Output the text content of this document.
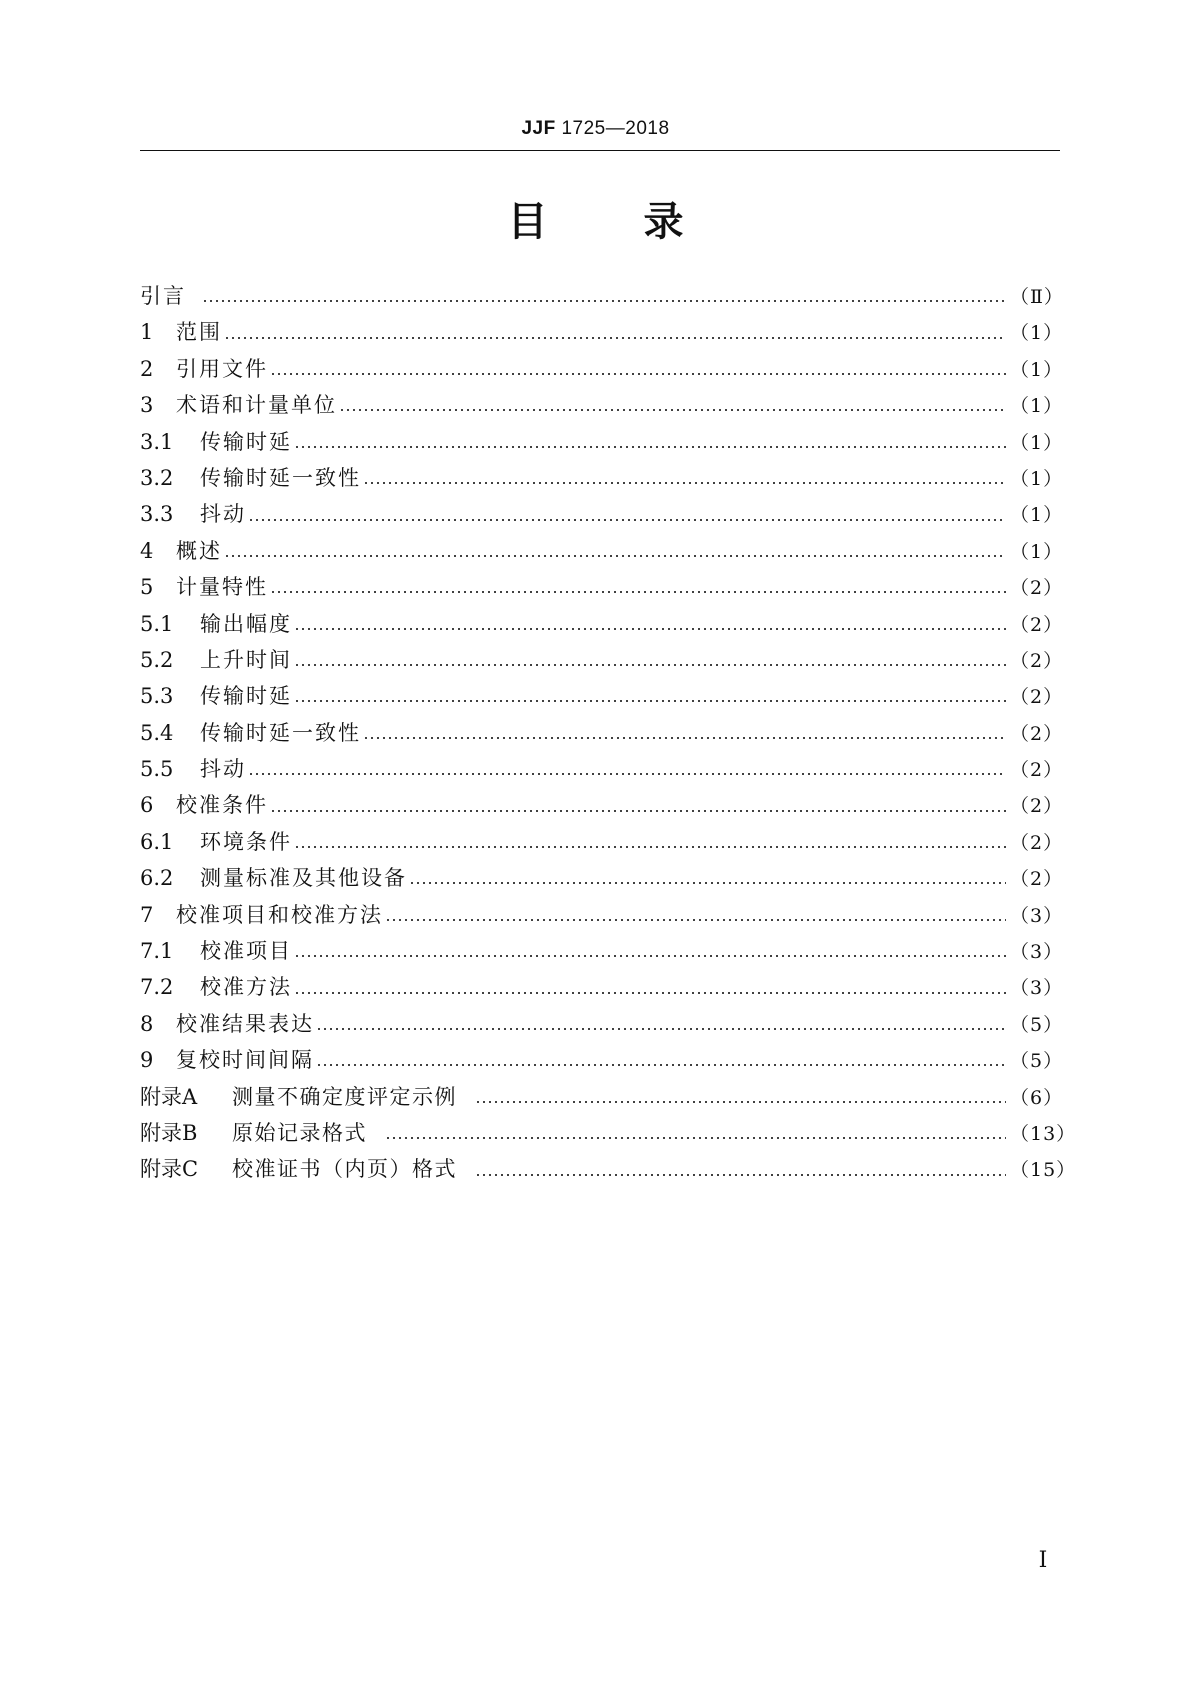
JJF 1725—2018
目 录
引言	（Ⅱ）
1	范围	（1）
2	引用文件	（1）
3	术语和计量单位	（1）
3.1	传输时延	（1）
3.2	传输时延一致性	（1）
3.3	抖动	（1）
4	概述	（1）
5	计量特性	（2）
5.1	输出幅度	（2）
5.2	上升时间	（2）
5.3	传输时延	（2）
5.4	传输时延一致性	（2）
5.5	抖动	（2）
6	校准条件	（2）
6.1	环境条件	（2）
6.2	测量标准及其他设备	（2）
7	校准项目和校准方法	（3）
7.1	校准项目	（3）
7.2	校准方法	（3）
8	校准结果表达	（5）
9	复校时间间隔	（5）
附录A	测量不确定度评定示例	（6）
附录B	原始记录格式	（13）
附录C	校准证书（内页）格式	（15）
Ⅰ
